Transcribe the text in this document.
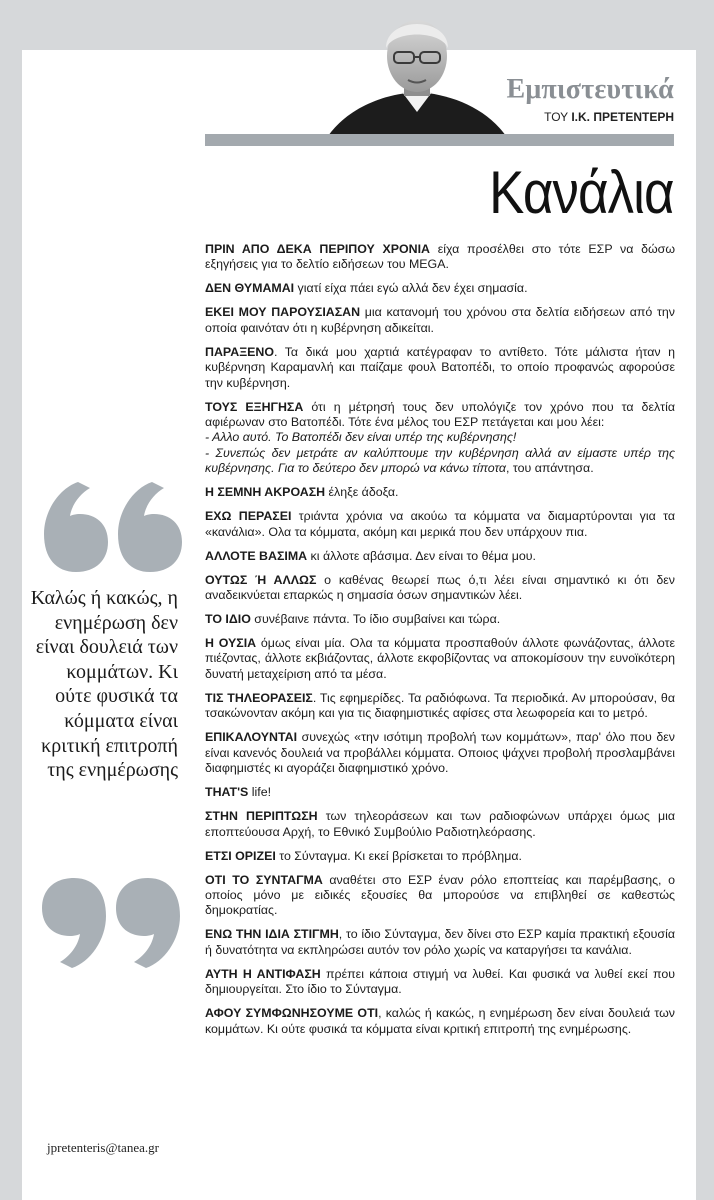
Εμπιστευτικά
ΤΟΥ Ι.Κ. ΠΡΕΤΕΝΤΕΡΗ
Κανάλια
Καλώς ή κακώς, η ενημέρωση δεν είναι δουλειά των κομμάτων. Κι ούτε φυσικά τα κόμματα είναι κριτική επιτροπή της ενημέρωσης
jpretenteris@tanea.gr

ΠΡΙΝ ΑΠΟ ΔΕΚΑ ΠΕΡΙΠΟΥ ΧΡΟΝΙΑ είχα προσέλθει στο τότε ΕΣΡ να δώσω εξηγήσεις για το δελτίο ειδήσεων του MEGA.

ΔΕΝ ΘΥΜΑΜΑΙ γιατί είχα πάει εγώ αλλά δεν έχει σημασία.

ΕΚΕΙ ΜΟΥ ΠΑΡΟΥΣΙΑΣΑΝ μια κατανομή του χρόνου στα δελτία ειδήσεων από την οποία φαινόταν ότι η κυβέρνηση αδικείται.

ΠΑΡΑΞΕΝΟ. Τα δικά μου χαρτιά κατέγραφαν το αντίθετο. Τότε μάλιστα ήταν η κυβέρνηση Καραμανλή και παίζαμε φουλ Βατοπέδι, το οποίο προφανώς αφορούσε την κυβέρνηση.

ΤΟΥΣ ΕΞΗΓΗΣΑ ότι η μέτρησή τους δεν υπολόγιζε τον χρόνο που τα δελτία αφιέρωναν στο Βατοπέδι. Τότε ένα μέλος του ΕΣΡ πετάγεται και μου λέει:
- Αλλο αυτό. Το Βατοπέδι δεν είναι υπέρ της κυβέρνησης!
- Συνεπώς δεν μετράτε αν καλύπτουμε την κυβέρνηση αλλά αν είμαστε υπέρ της κυβέρνησης. Για το δεύτερο δεν μπορώ να κάνω τίποτα, του απάντησα.

Η ΣΕΜΝΗ ΑΚΡΟΑΣΗ έληξε άδοξα.

ΕΧΩ ΠΕΡΑΣΕΙ τριάντα χρόνια να ακούω τα κόμματα να διαμαρτύρονται για τα «κανάλια». Ολα τα κόμματα, ακόμη και μερικά που δεν υπάρχουν πια.

ΑΛΛΟΤΕ ΒΑΣΙΜΑ κι άλλοτε αβάσιμα. Δεν είναι το θέμα μου.

ΟΥΤΩΣ Ή ΑΛΛΩΣ ο καθένας θεωρεί πως ό,τι λέει είναι σημαντικό κι ότι δεν αναδεικνύεται επαρκώς η σημασία όσων σημαντικών λέει.

ΤΟ ΙΔΙΟ συνέβαινε πάντα. Το ίδιο συμβαίνει και τώρα.

Η ΟΥΣΙΑ όμως είναι μία. Ολα τα κόμματα προσπαθούν άλλοτε φωνάζοντας, άλλοτε πιέζοντας, άλλοτε εκβιάζοντας, άλλοτε εκφοβίζοντας να αποκομίσουν την ευνοϊκότερη δυνατή μεταχείριση από τα μέσα.

ΤΙΣ ΤΗΛΕΟΡΑΣΕΙΣ. Τις εφημερίδες. Τα ραδιόφωνα. Τα περιοδικά. Αν μπορούσαν, θα τσακώνονταν ακόμη και για τις διαφημιστικές αφίσες στα λεωφορεία και το μετρό.

ΕΠΙΚΑΛΟΥΝΤΑΙ συνεχώς «την ισότιμη προβολή των κομμάτων», παρ' όλο που δεν είναι κανενός δουλειά να προβάλλει κόμματα. Οποιος ψάχνει προβολή προσλαμβάνει διαφημιστές κι αγοράζει διαφημιστικό χρόνο.

THAT'S life!

ΣΤΗΝ ΠΕΡΙΠΤΩΣΗ των τηλεοράσεων και των ραδιοφώνων υπάρχει όμως μια εποπτεύουσα Αρχή, το Εθνικό Συμβούλιο Ραδιοτηλεόρασης.

ΕΤΣΙ ΟΡΙΖΕΙ το Σύνταγμα. Κι εκεί βρίσκεται το πρόβλημα.

ΟΤΙ ΤΟ ΣΥΝΤΑΓΜΑ αναθέτει στο ΕΣΡ έναν ρόλο εποπτείας και παρέμβασης, ο οποίος μόνο με ειδικές εξουσίες θα μπορούσε να επιβληθεί σε καθεστώς δημοκρατίας.

ΕΝΩ ΤΗΝ ΙΔΙΑ ΣΤΙΓΜΗ, το ίδιο Σύνταγμα, δεν δίνει στο ΕΣΡ καμία πρακτική εξουσία ή δυνατότητα να εκπληρώσει αυτόν τον ρόλο χωρίς να καταργήσει τα κανάλια.

ΑΥΤΗ Η ΑΝΤΙΦΑΣΗ πρέπει κάποια στιγμή να λυθεί. Και φυσικά να λυθεί εκεί που δημιουργείται. Στο ίδιο το Σύνταγμα.

ΑΦΟΥ ΣΥΜΦΩΝΗΣΟΥΜΕ ΟΤΙ, καλώς ή κακώς, η ενημέρωση δεν είναι δουλειά των κομμάτων. Κι ούτε φυσικά τα κόμματα είναι κριτική επιτροπή της ενημέρωσης.
